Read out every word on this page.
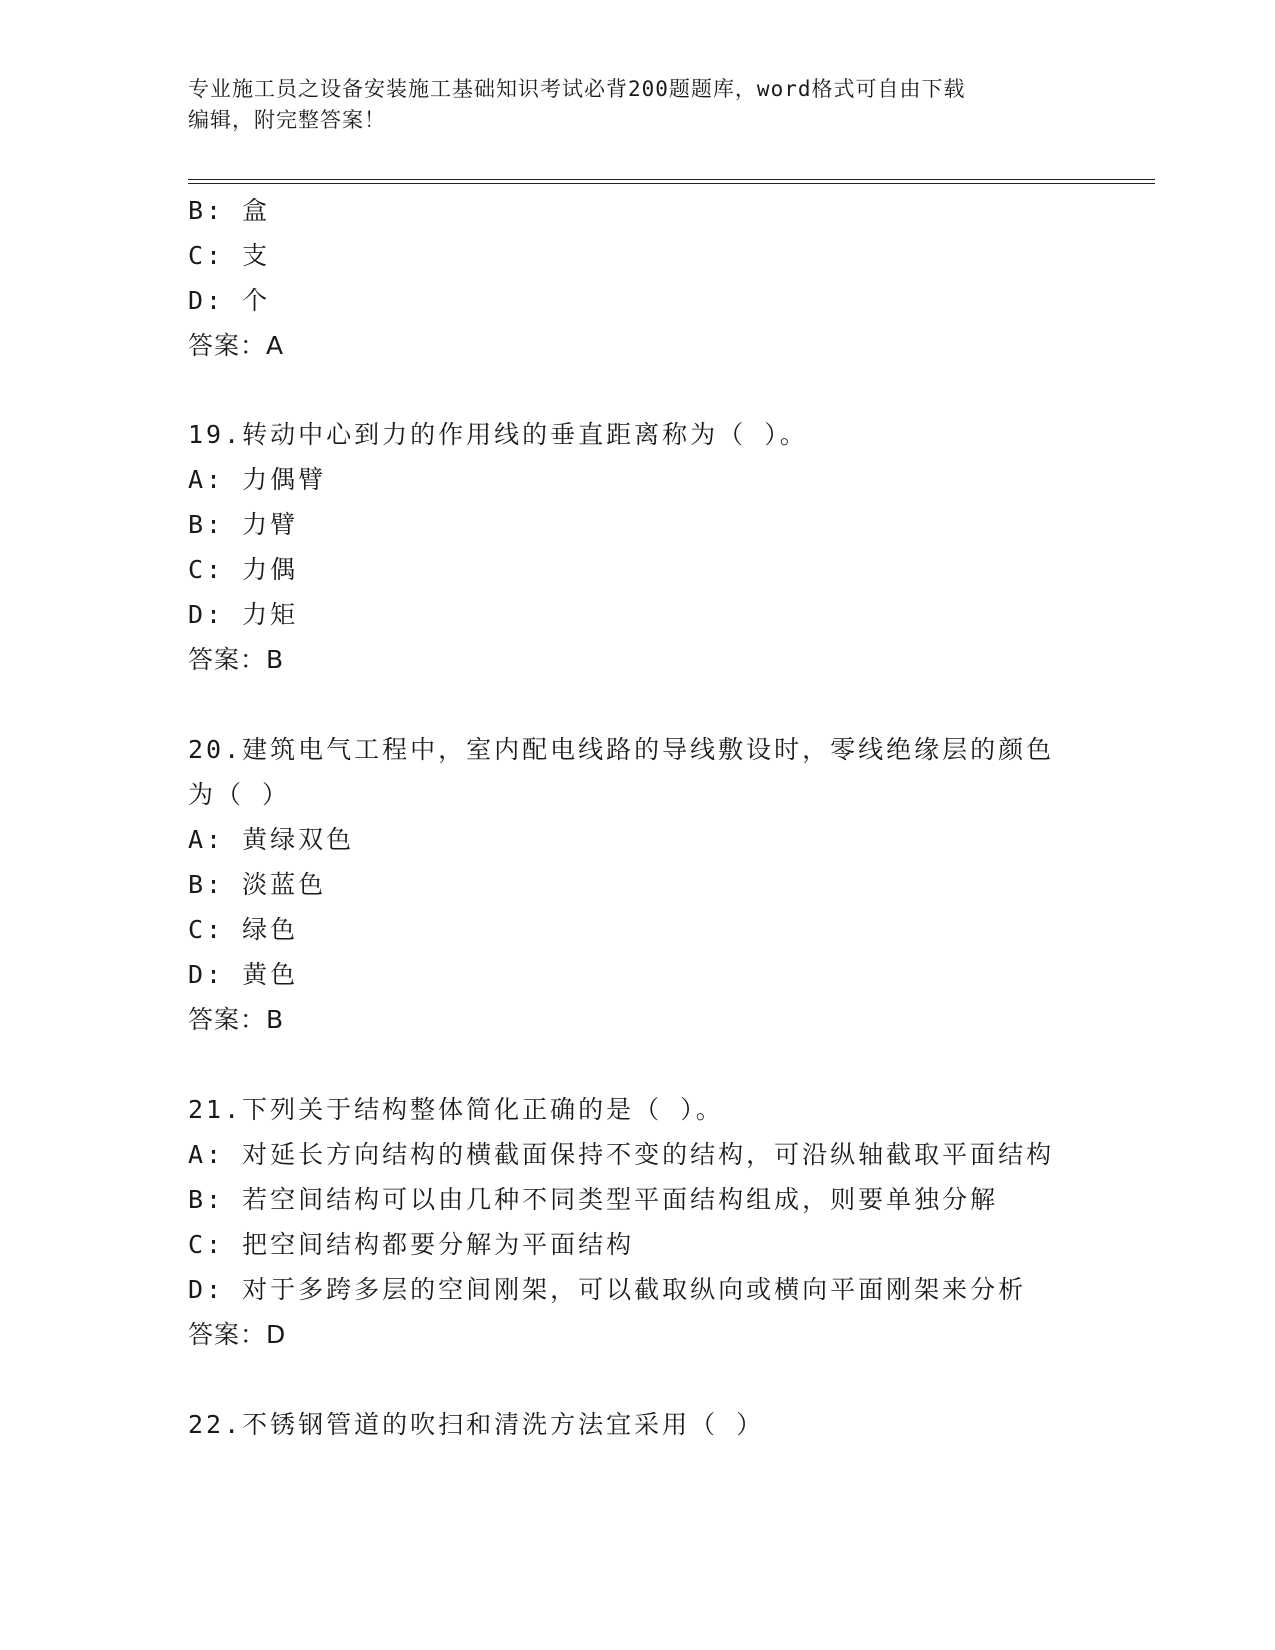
专业施工员之设备安装施工基础知识考试必背200题题库，word格式可自由下载
编辑，附完整答案！
B: 盒
C: 支
D: 个
答案：A
19.转动中心到力的作用线的垂直距离称为（ ）。
A: 力偶臂
B: 力臂
C: 力偶
D: 力矩
答案：B
20.建筑电气工程中，室内配电线路的导线敷设时，零线绝缘层的颜色
为（ ）
A: 黄绿双色
B: 淡蓝色
C: 绿色
D: 黄色
答案：B
21.下列关于结构整体简化正确的是（ ）。
A: 对延长方向结构的横截面保持不变的结构，可沿纵轴截取平面结构
B: 若空间结构可以由几种不同类型平面结构组成，则要单独分解
C: 把空间结构都要分解为平面结构
D: 对于多跨多层的空间刚架，可以截取纵向或横向平面刚架来分析
答案：D
22.不锈钢管道的吹扫和清洗方法宜采用（ ）
